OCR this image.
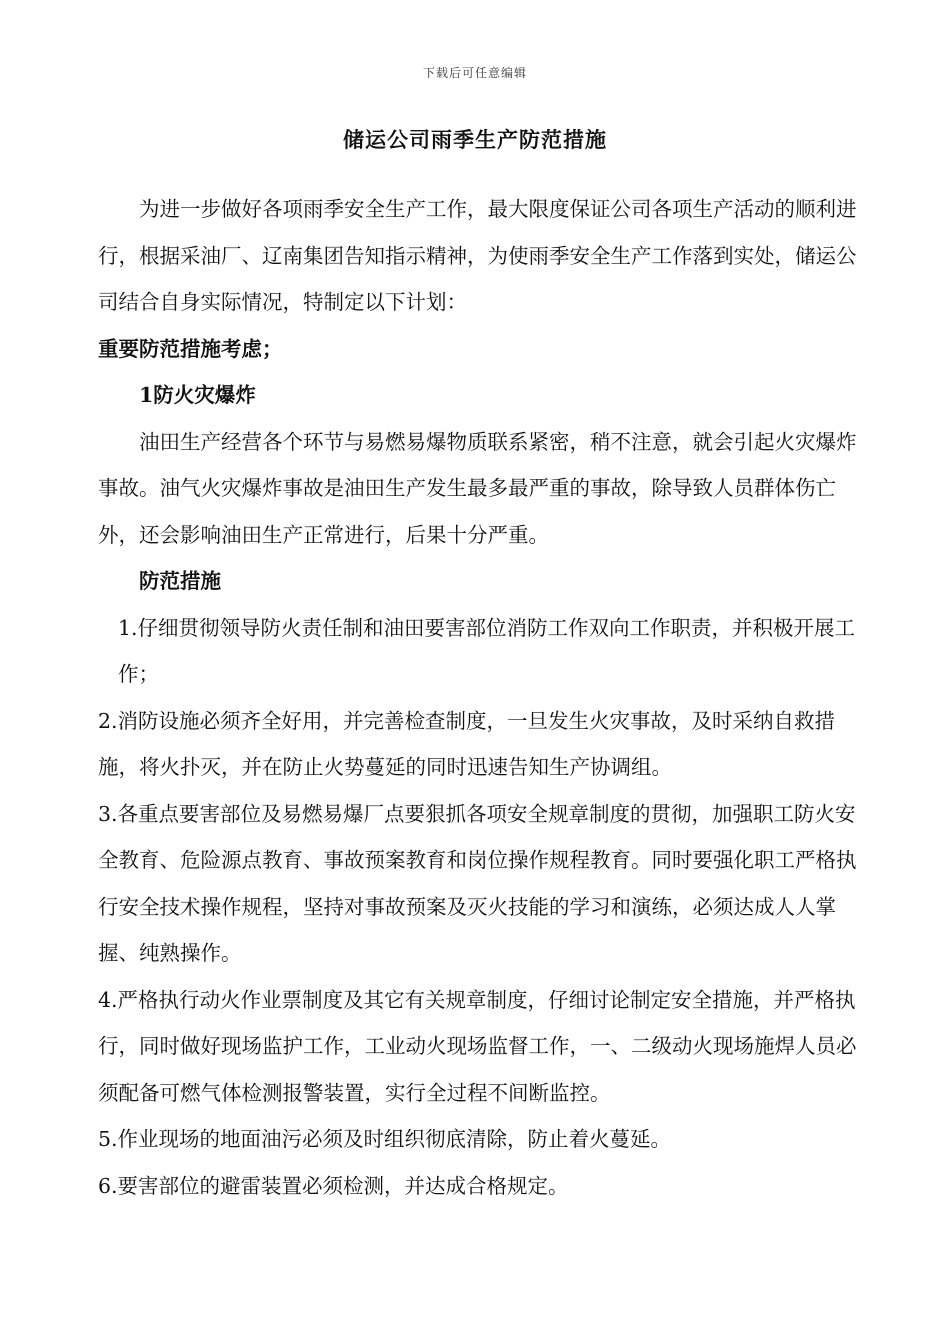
下载后可任意编辑
储运公司雨季生产防范措施

为进一步做好各项雨季安全生产工作，最大限度保证公司各项生产活动的顺利进行，根据采油厂、辽南集团告知指示精神，为使雨季安全生产工作落到实处，储运公司结合自身实际情况，特制定以下计划：

重要防范措施考虑；

1防火灾爆炸

油田生产经营各个环节与易燃易爆物质联系紧密，稍不注意，就会引起火灾爆炸事故。油气火灾爆炸事故是油田生产发生最多最严重的事故，除导致人员群体伤亡外，还会影响油田生产正常进行，后果十分严重。

防范措施

1.仔细贯彻领导防火责任制和油田要害部位消防工作双向工作职责，并积极开展工作；

2.消防设施必须齐全好用，并完善检查制度，一旦发生火灾事故，及时采纳自救措施，将火扑灭，并在防止火势蔓延的同时迅速告知生产协调组。

3.各重点要害部位及易燃易爆厂点要狠抓各项安全规章制度的贯彻，加强职工防火安全教育、危险源点教育、事故预案教育和岗位操作规程教育。同时要强化职工严格执行安全技术操作规程，坚持对事故预案及灭火技能的学习和演练，必须达成人人掌握、纯熟操作。

4.严格执行动火作业票制度及其它有关规章制度，仔细讨论制定安全措施，并严格执行，同时做好现场监护工作，工业动火现场监督工作，一、二级动火现场施焊人员必须配备可燃气体检测报警装置，实行全过程不间断监控。

5.作业现场的地面油污必须及时组织彻底清除，防止着火蔓延。

6.要害部位的避雷装置必须检测，并达成合格规定。
